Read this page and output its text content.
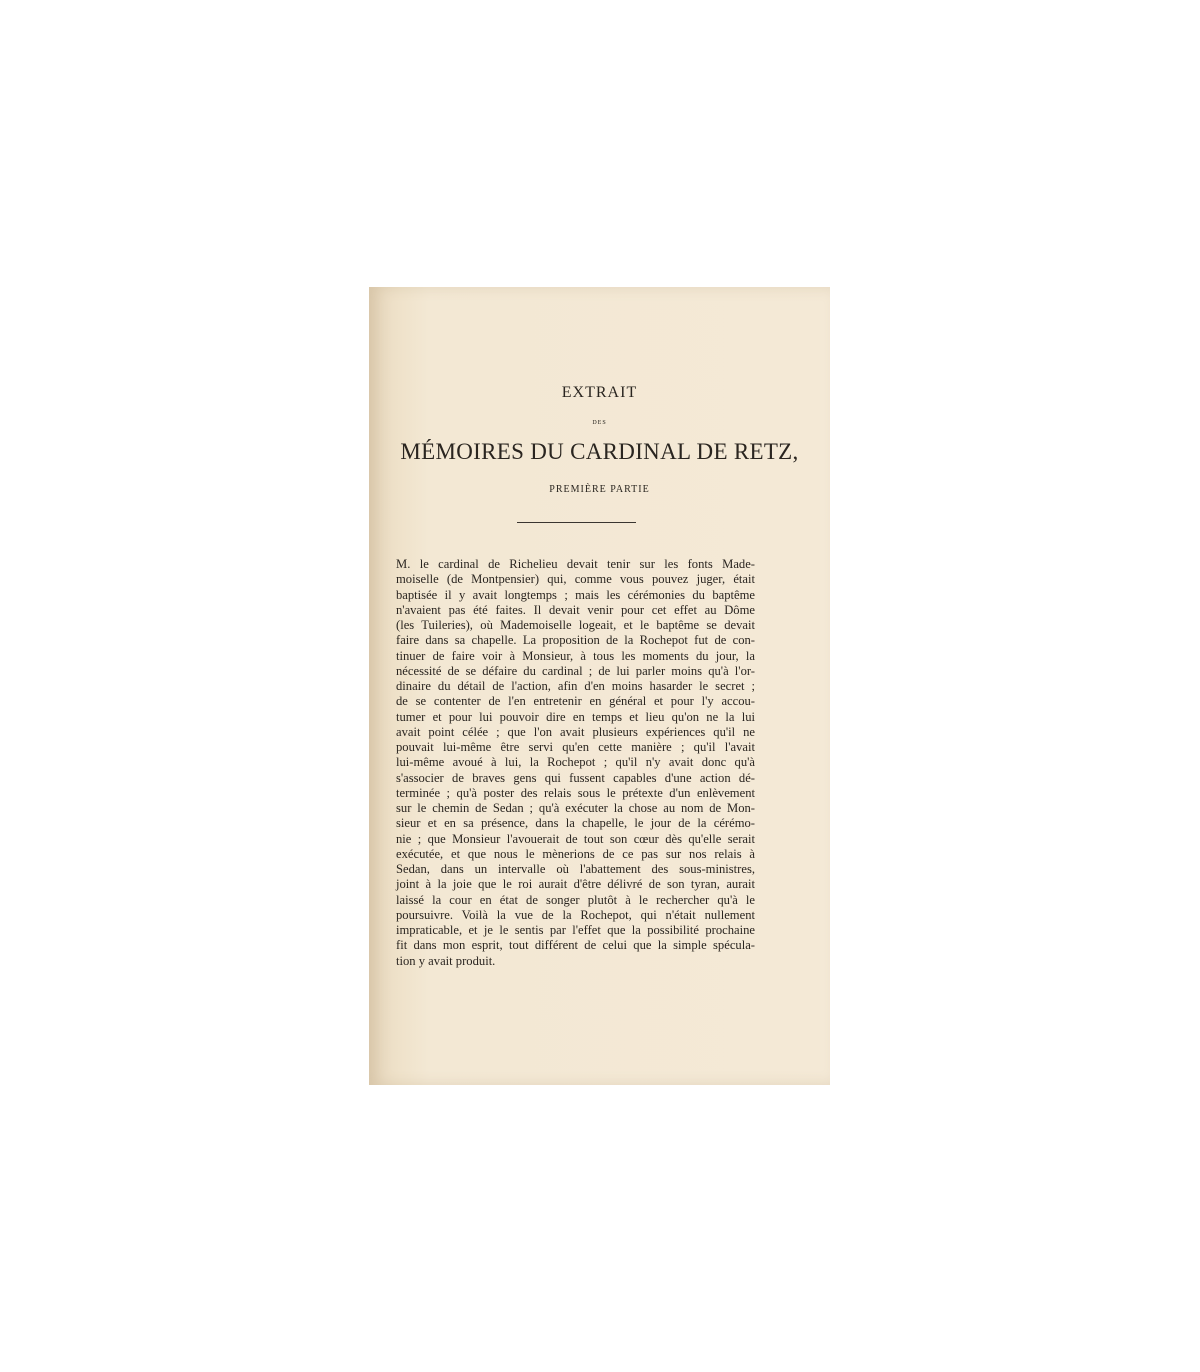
EXTRAIT
DES
MÉMOIRES DU CARDINAL DE RETZ,
PREMIÈRE PARTIE

M. le cardinal de Richelieu devait tenir sur les fonts Made-
moiselle (de Montpensier) qui, comme vous pouvez juger, était
baptisée il y avait longtemps ; mais les cérémonies du baptême
n'avaient pas été faites. Il devait venir pour cet effet au Dôme
(les Tuileries), où Mademoiselle logeait, et le baptême se devait
faire dans sa chapelle. La proposition de la Rochepot fut de con-
tinuer de faire voir à Monsieur, à tous les moments du jour, la
nécessité de se défaire du cardinal ; de lui parler moins qu'à l'or-
dinaire du détail de l'action, afin d'en moins hasarder le secret ;
de se contenter de l'en entretenir en général et pour l'y accou-
tumer et pour lui pouvoir dire en temps et lieu qu'on ne la lui
avait point célée ; que l'on avait plusieurs expériences qu'il ne
pouvait lui-même être servi qu'en cette manière ; qu'il l'avait
lui-même avoué à lui, la Rochepot ; qu'il n'y avait donc qu'à
s'associer de braves gens qui fussent capables d'une action dé-
terminée ; qu'à poster des relais sous le prétexte d'un enlèvement
sur le chemin de Sedan ; qu'à exécuter la chose au nom de Mon-
sieur et en sa présence, dans la chapelle, le jour de la cérémo-
nie ; que Monsieur l'avouerait de tout son cœur dès qu'elle serait
exécutée, et que nous le mènerions de ce pas sur nos relais à
Sedan, dans un intervalle où l'abattement des sous-ministres,
joint à la joie que le roi aurait d'être délivré de son tyran, aurait
laissé la cour en état de songer plutôt à le rechercher qu'à le
poursuivre. Voilà la vue de la Rochepot, qui n'était nullement
impraticable, et je le sentis par l'effet que la possibilité prochaine
fit dans mon esprit, tout différent de celui que la simple spécula-
tion y avait produit.
